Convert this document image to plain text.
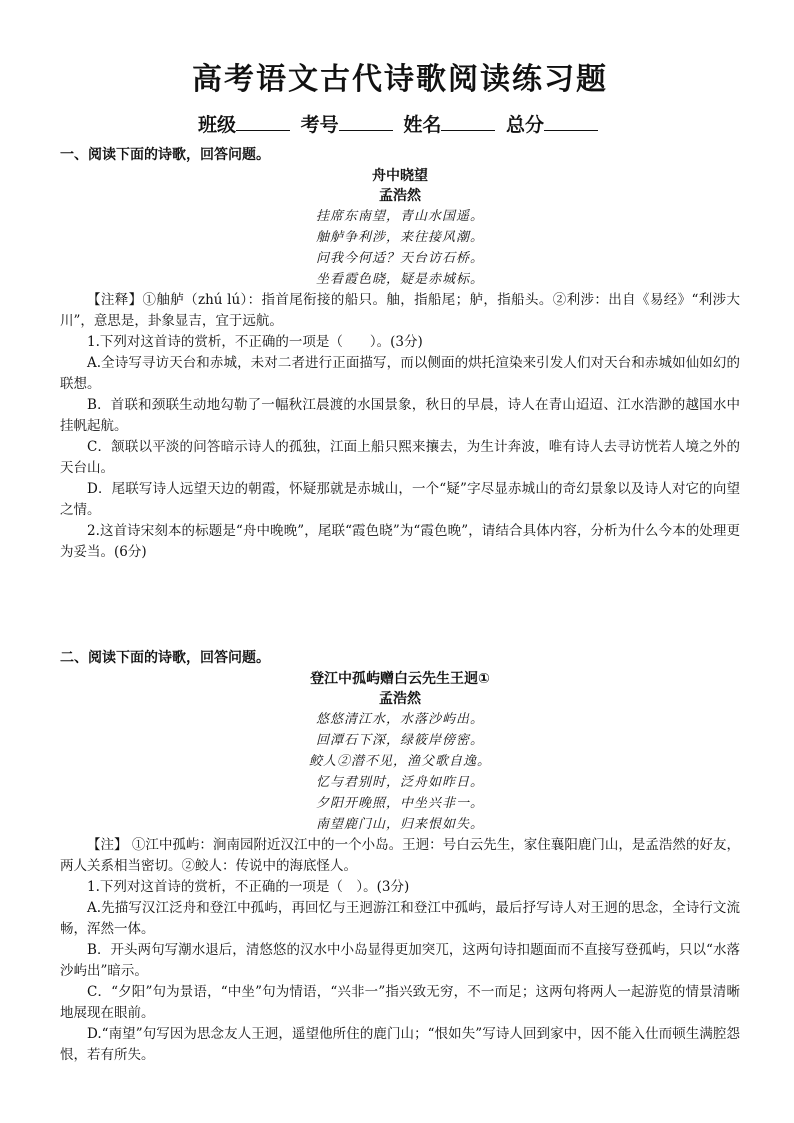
高考语文古代诗歌阅读练习题
班级	考号	姓名	总分
一、阅读下面的诗歌，回答问题。
舟中晓望
孟浩然
挂席东南望，青山水国遥。
舳舻争利涉，来往接风潮。
问我今何适？天台访石桥。
坐看霞色晓，疑是赤城标。

【注释】①舳舻（zhú lú）：指首尾衔接的船只。舳，指船尾；舻，指船头。②利涉：出自《易经》“利涉大川”，意思是，卦象显吉，宜于远航。

1.下列对这首诗的赏析，不正确的一项是（　　）。(3分)

A.全诗写寻访天台和赤城，未对二者进行正面描写，而以侧面的烘托渲染来引发人们对天台和赤城如仙如幻的联想。

B．首联和颈联生动地勾勒了一幅秋江晨渡的水国景象，秋日的早晨，诗人在青山迢迢、江水浩渺的越国水中挂帆起航。

C．颔联以平淡的问答暗示诗人的孤独，江面上船只熙来攘去，为生计奔波，唯有诗人去寻访恍若人境之外的天台山。

D．尾联写诗人远望天边的朝霞，怀疑那就是赤城山，一个“疑”字尽显赤城山的奇幻景象以及诗人对它的向望之情。

2.这首诗宋刻本的标题是“舟中晚晚”，尾联“霞色晓”为“霞色晚”，请结合具体内容，分析为什么今本的处理更为妥当。(6分)

二、阅读下面的诗歌，回答问题。
登江中孤屿赠白云先生王迥①
孟浩然
悠悠清江水，水落沙屿出。
回潭石下深，绿筱岸傍密。
鲛人②潜不见，渔父歌自逸。
忆与君别时，泛舟如昨日。
夕阳开晚照，中坐兴非一。
南望鹿门山，归来恨如失。

【注】 ①江中孤屿：涧南园附近汉江中的一个小岛。王迥：号白云先生，家住襄阳鹿门山，是孟浩然的好友，两人关系相当密切。②鲛人：传说中的海底怪人。

1.下列对这首诗的赏析，不正确的一项是（　）。(3分)

A.先描写汉江泛舟和登江中孤屿，再回忆与王迥游江和登江中孤屿，最后抒写诗人对王迥的思念，全诗行文流畅，浑然一体。

B．开头两句写潮水退后，清悠悠的汉水中小岛显得更加突兀，这两句诗扣题面而不直接写登孤屿，只以“水落沙屿出”暗示。

C．“夕阳”句为景语，“中坐”句为情语，“兴非一”指兴致无穷，不一而足；这两句将两人一起游览的情景清晰地展现在眼前。

D.“南望”句写因为思念友人王迥，遥望他所住的鹿门山；“恨如失”写诗人回到家中，因不能入仕而顿生满腔怨恨，若有所失。
